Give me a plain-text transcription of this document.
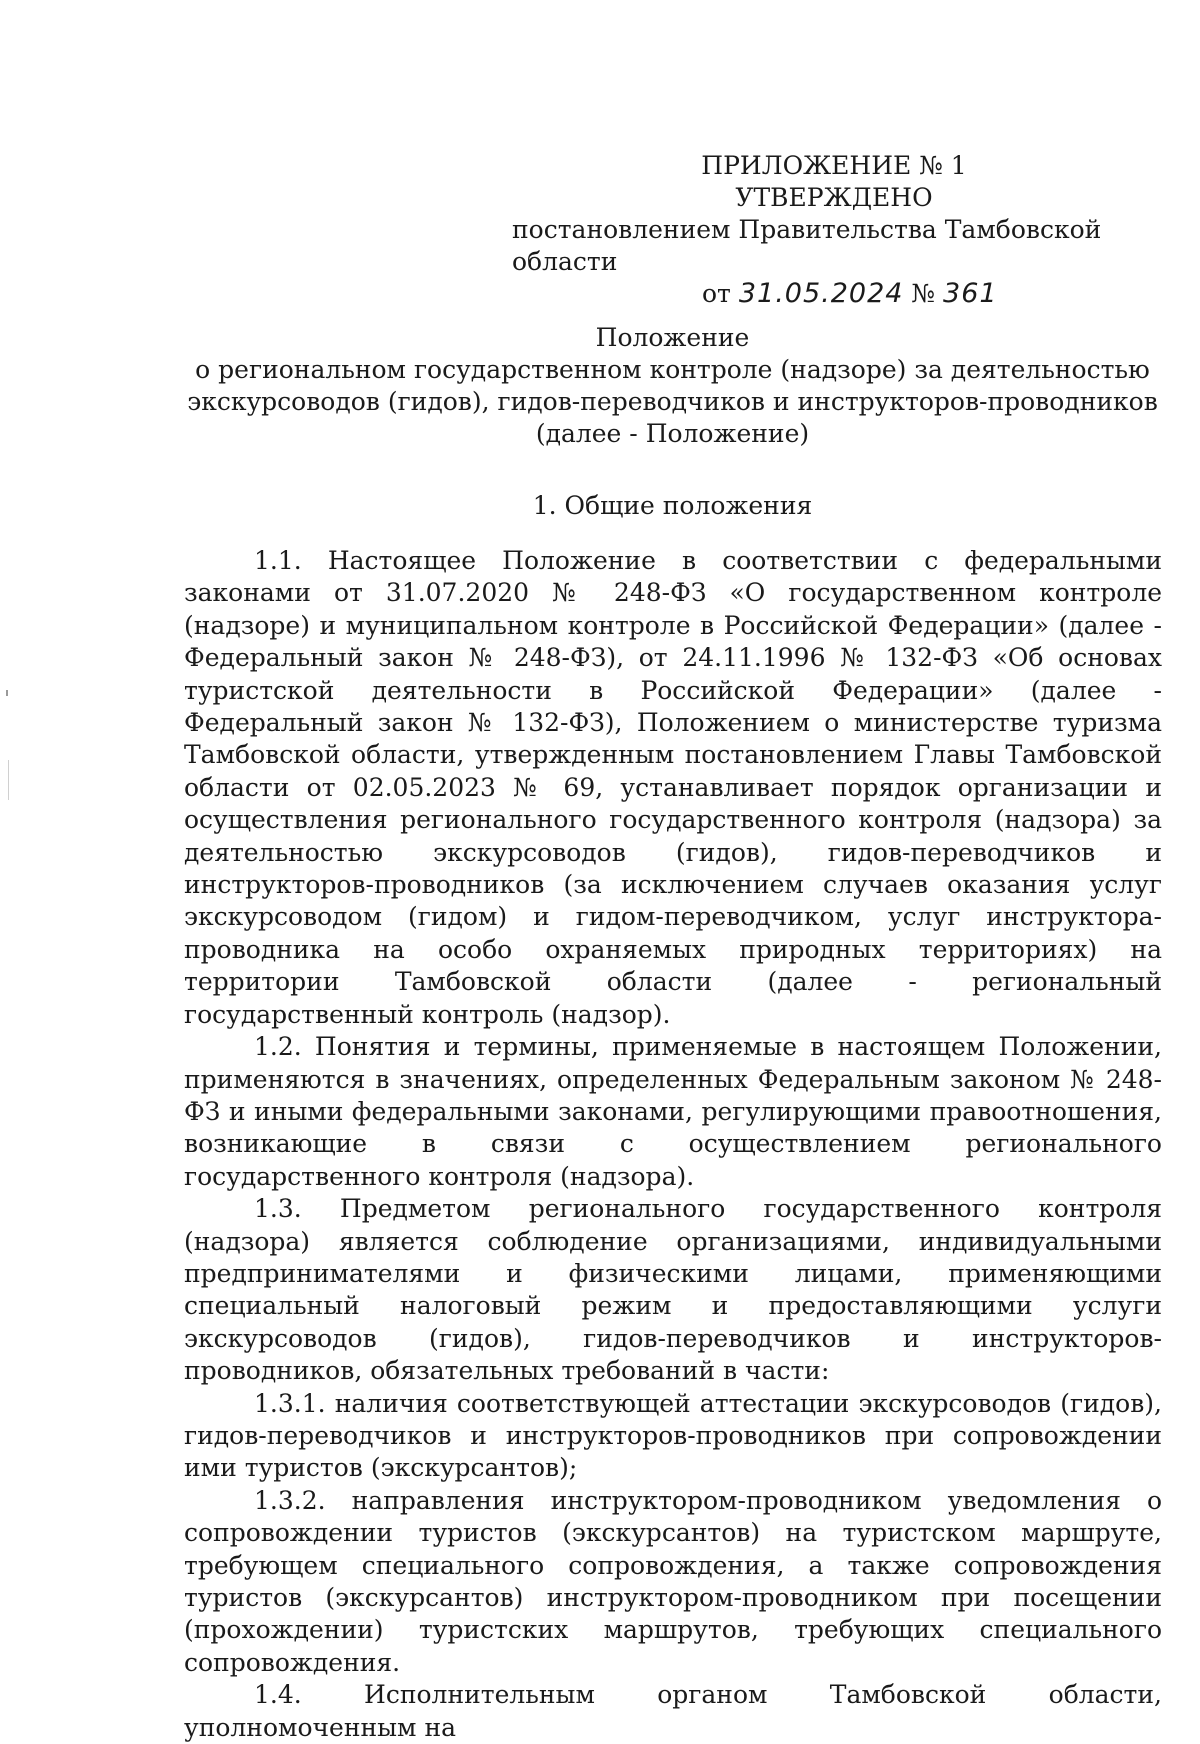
ПРИЛОЖЕНИЕ № 1
УТВЕРЖДЕНО
постановлением Правительства Тамбовской области
от 31.05.2024 № 361
Положение
о региональном государственном контроле (надзоре) за деятельностью
экскурсоводов (гидов), гидов-переводчиков и инструкторов-проводников
(далее - Положение)
1. Общие положения

1.1. Настоящее Положение в соответствии с федеральными законами от 31.07.2020 № 248-ФЗ «О государственном контроле (надзоре) и муниципальном контроле в Российской Федерации» (далее - Федеральный закон № 248-ФЗ), от 24.11.1996 № 132-ФЗ «Об основах туристской деятельности в Российской Федерации» (далее - Федеральный закон № 132-ФЗ), Положением о министерстве туризма Тамбовской области, утвержденным постановлением Главы Тамбовской области от 02.05.2023 № 69, устанавливает порядок организации и осуществления регионального государственного контроля (надзора) за деятельностью экскурсоводов (гидов), гидов-переводчиков и инструкторов-проводников (за исключением случаев оказания услуг экскурсоводом (гидом) и гидом-переводчиком, услуг инструктора-проводника на особо охраняемых природных территориях) на территории Тамбовской области (далее - региональный государственный контроль (надзор).

1.2. Понятия и термины, применяемые в настоящем Положении, применяются в значениях, определенных Федеральным законом № 248-ФЗ и иными федеральными законами, регулирующими правоотношения, возникающие в связи с осуществлением регионального государственного контроля (надзора).

1.3. Предметом регионального государственного контроля (надзора) является соблюдение организациями, индивидуальными предпринимателями и физическими лицами, применяющими специальный налоговый режим и предоставляющими услуги экскурсоводов (гидов), гидов-переводчиков и инструкторов-проводников, обязательных требований в части:

1.3.1. наличия соответствующей аттестации экскурсоводов (гидов), гидов-переводчиков и инструкторов-проводников при сопровождении ими туристов (экскурсантов);

1.3.2. направления инструктором-проводником уведомления о сопровождении туристов (экскурсантов) на туристском маршруте, требующем специального сопровождения, а также сопровождения туристов (экскурсантов) инструктором-проводником при посещении (прохождении) туристских маршрутов, требующих специального сопровождения.

1.4. Исполнительным органом Тамбовской области, уполномоченным на
